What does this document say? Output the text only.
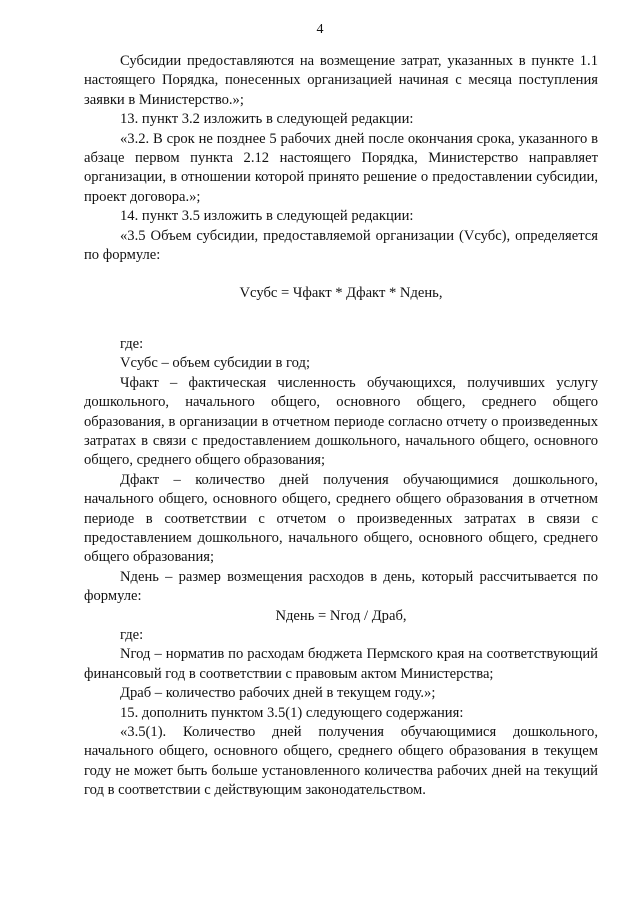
4

Субсидии предоставляются на возмещение затрат, указанных в пункте 1.1 настоящего Порядка, понесенных организацией начиная с месяца поступления заявки в Министерство.»;

13. пункт 3.2 изложить в следующей редакции:

«3.2. В срок не позднее 5 рабочих дней после окончания срока, указанного в абзаце первом пункта 2.12 настоящего Порядка, Министерство направляет организации, в отношении которой принято решение о предоставлении субсидии, проект договора.»;

14. пункт 3.5 изложить в следующей редакции:

«3.5 Объем субсидии, предоставляемой организации (Vсубс), определяется по формуле:

Vсубс = Чфакт * Дфакт * Nдень,

где:

Vсубс – объем субсидии в год;

Чфакт – фактическая численность обучающихся, получивших услугу дошкольного, начального общего, основного общего, среднего общего образования, в организации в отчетном периоде согласно отчету о произведенных затратах в связи с предоставлением дошкольного, начального общего, основного общего, среднего общего образования;

Дфакт – количество дней получения обучающимися дошкольного, начального общего, основного общего, среднего общего образования в отчетном периоде в соответствии с отчетом о произведенных затратах в связи с предоставлением дошкольного, начального общего, основного общего, среднего общего образования;

Nдень – размер возмещения расходов в день, который рассчитывается по формуле:

Nдень = Nгод / Драб,

где:

Nгод – норматив по расходам бюджета Пермского края на соответствующий финансовый год в соответствии с правовым актом Министерства;

Драб – количество рабочих дней в текущем году.»;

15. дополнить пунктом 3.5(1) следующего содержания:

«3.5(1). Количество дней получения обучающимися дошкольного, начального общего, основного общего, среднего общего образования в текущем году не может быть больше установленного количества рабочих дней на текущий год в соответствии с действующим законодательством.
